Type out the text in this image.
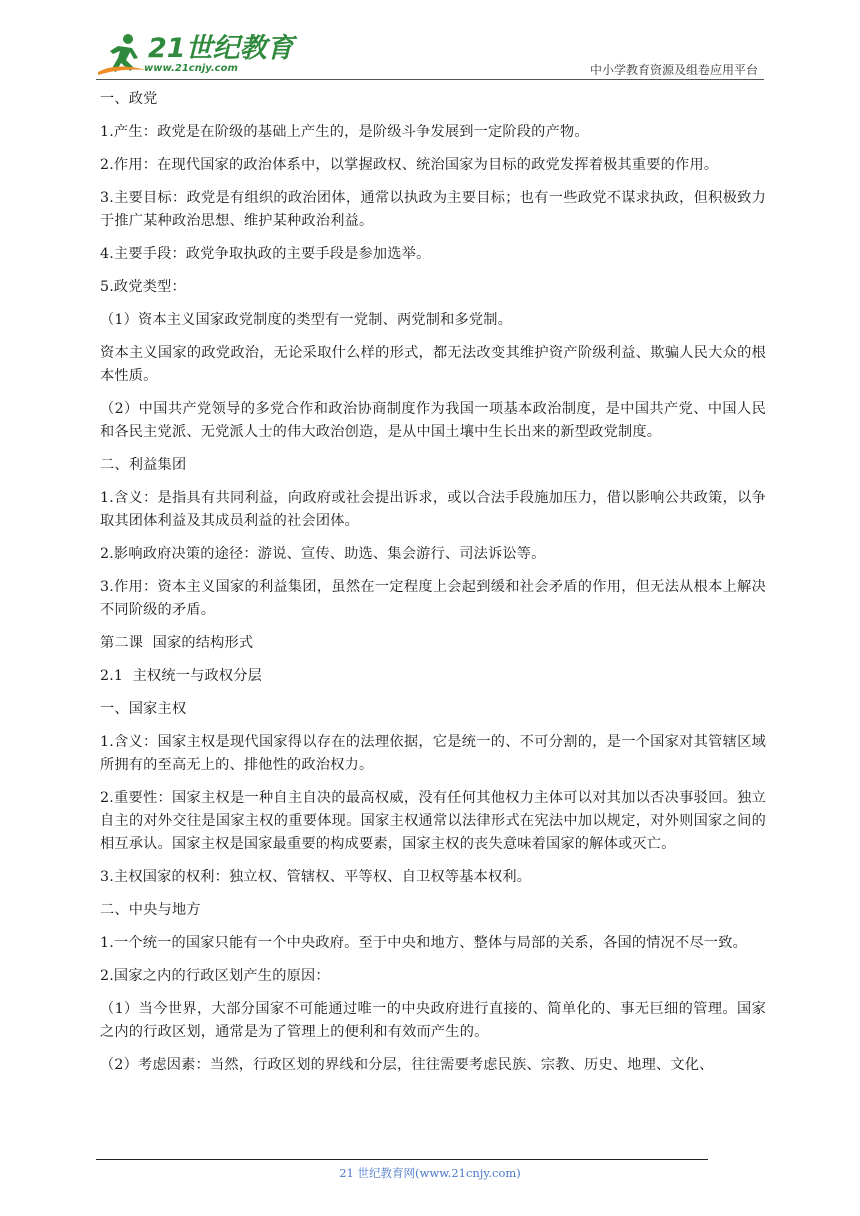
21世纪教育
www.21cnjy.com	中小学教育资源及组卷应用平台

一、政党

1.产生：政党是在阶级的基础上产生的，是阶级斗争发展到一定阶段的产物。

2.作用：在现代国家的政治体系中，以掌握政权、统治国家为目标的政党发挥着极其重要的作用。

3.主要目标：政党是有组织的政治团体，通常以执政为主要目标；也有一些政党不谋求执政，但积极致力于推广某种政治思想、维护某种政治利益。

4.主要手段：政党争取执政的主要手段是参加选举。

5.政党类型：

（1）资本主义国家政党制度的类型有一党制、两党制和多党制。

资本主义国家的政党政治，无论采取什么样的形式，都无法改变其维护资产阶级利益、欺骗人民大众的根本性质。

（2）中国共产党领导的多党合作和政治协商制度作为我国一项基本政治制度，是中国共产党、中国人民和各民主党派、无党派人士的伟大政治创造，是从中国土壤中生长出来的新型政党制度。

二、利益集团

1.含义：是指具有共同利益，向政府或社会提出诉求，或以合法手段施加压力，借以影响公共政策，以争取其团体利益及其成员利益的社会团体。

2.影响政府决策的途径：游说、宣传、助选、集会游行、司法诉讼等。

3.作用：资本主义国家的利益集团，虽然在一定程度上会起到缓和社会矛盾的作用，但无法从根本上解决不同阶级的矛盾。

第二课  国家的结构形式

2.1  主权统一与政权分层

一、国家主权

1.含义：国家主权是现代国家得以存在的法理依据，它是统一的、不可分割的，是一个国家对其管辖区域所拥有的至高无上的、排他性的政治权力。

2.重要性：国家主权是一种自主自决的最高权威，没有任何其他权力主体可以对其加以否决事驳回。独立自主的对外交往是国家主权的重要体现。国家主权通常以法律形式在宪法中加以规定，对外则国家之间的相互承认。国家主权是国家最重要的构成要素，国家主权的丧失意味着国家的解体或灭亡。

3.主权国家的权利：独立权、管辖权、平等权、自卫权等基本权利。

二、中央与地方

1.一个统一的国家只能有一个中央政府。至于中央和地方、整体与局部的关系，各国的情况不尽一致。

2.国家之内的行政区划产生的原因：

（1）当今世界，大部分国家不可能通过唯一的中央政府进行直接的、简单化的、事无巨细的管理。国家之内的行政区划，通常是为了管理上的便利和有效而产生的。

（2）考虑因素：当然，行政区划的界线和分层，往往需要考虑民族、宗教、历史、地理、文化、

21 世纪教育网(www.21cnjy.com)
